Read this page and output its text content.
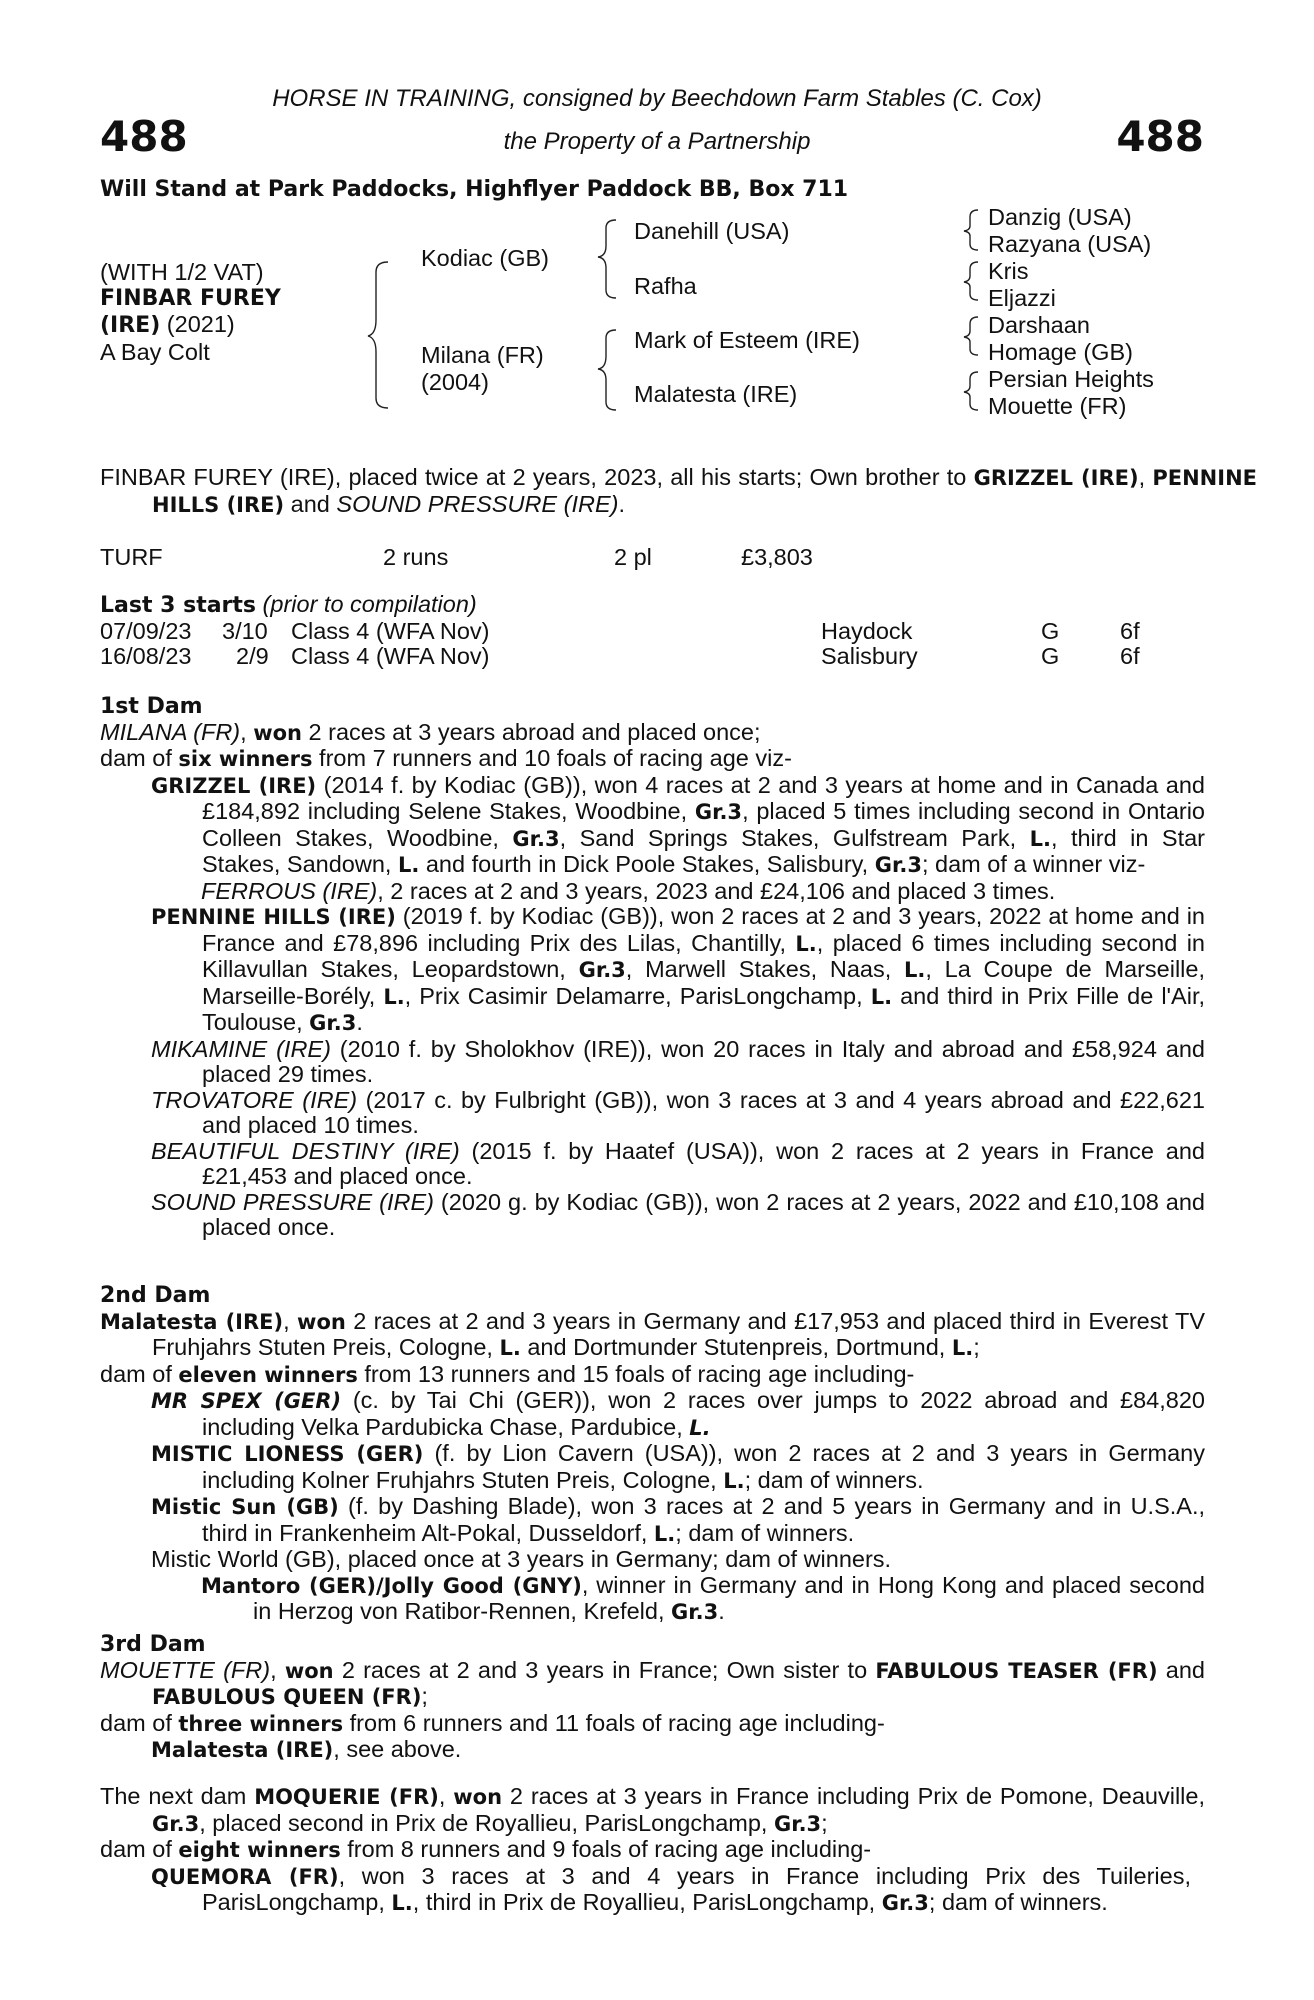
HORSE IN TRAINING, consigned by Beechdown Farm Stables (C. Cox)
the Property of a Partnership
488	488
Will Stand at Park Paddocks, Highflyer Paddock BB, Box 711
(WITH 1/2 VAT)
FINBAR FUREY
(IRE) (2021)
A Bay Colt
Kodiac (GB)
Milana (FR)
(2004)
Danehill (USA)
Rafha
Mark of Esteem (IRE)
Malatesta (IRE)
Danzig (USA)
Razyana (USA)
Kris
Eljazzi
Darshaan
Homage (GB)
Persian Heights
Mouette (FR)
FINBAR FUREY (IRE), placed twice at 2 years, 2023, all his starts; Own brother to GRIZZEL (IRE), PENNINE HILLS (IRE) and SOUND PRESSURE (IRE).
TURF	2 runs	2 pl	£3,803
Last 3 starts (prior to compilation)
07/09/23 3/10 Class 4 (WFA Nov)	Haydock	G	6f
16/08/23 2/9 Class 4 (WFA Nov)	Salisbury	G	6f

1st Dam

MILANA (FR), won 2 races at 3 years abroad and placed once;

dam of six winners from 7 runners and 10 foals of racing age viz-

GRIZZEL (IRE) (2014 f. by Kodiac (GB)), won 4 races at 2 and 3 years at home and in Canada and £184,892 including Selene Stakes, Woodbine, Gr.3, placed 5 times including second in Ontario Colleen Stakes, Woodbine, Gr.3, Sand Springs Stakes, Gulfstream Park, L., third in Star Stakes, Sandown, L. and fourth in Dick Poole Stakes, Salisbury, Gr.3; dam of a winner viz-

FERROUS (IRE), 2 races at 2 and 3 years, 2023 and £24,106 and placed 3 times.

PENNINE HILLS (IRE) (2019 f. by Kodiac (GB)), won 2 races at 2 and 3 years, 2022 at home and in France and £78,896 including Prix des Lilas, Chantilly, L., placed 6 times including second in Killavullan Stakes, Leopardstown, Gr.3, Marwell Stakes, Naas, L., La Coupe de Marseille, Marseille-Borély, L., Prix Casimir Delamarre, ParisLongchamp, L. and third in Prix Fille de l'Air, Toulouse, Gr.3.

MIKAMINE (IRE) (2010 f. by Sholokhov (IRE)), won 20 races in Italy and abroad and £58,924 and placed 29 times.

TROVATORE (IRE) (2017 c. by Fulbright (GB)), won 3 races at 3 and 4 years abroad and £22,621 and placed 10 times.

BEAUTIFUL DESTINY (IRE) (2015 f. by Haatef (USA)), won 2 races at 2 years in France and £21,453 and placed once.

SOUND PRESSURE (IRE) (2020 g. by Kodiac (GB)), won 2 races at 2 years, 2022 and £10,108 and placed once.

2nd Dam

Malatesta (IRE), won 2 races at 2 and 3 years in Germany and £17,953 and placed third in Everest TV Fruhjahrs Stuten Preis, Cologne, L. and Dortmunder Stutenpreis, Dortmund, L.;

dam of eleven winners from 13 runners and 15 foals of racing age including-

MR SPEX (GER) (c. by Tai Chi (GER)), won 2 races over jumps to 2022 abroad and £84,820 including Velka Pardubicka Chase, Pardubice, L.

MISTIC LIONESS (GER) (f. by Lion Cavern (USA)), won 2 races at 2 and 3 years in Germany including Kolner Fruhjahrs Stuten Preis, Cologne, L.; dam of winners.

Mistic Sun (GB) (f. by Dashing Blade), won 3 races at 2 and 5 years in Germany and in U.S.A., third in Frankenheim Alt-Pokal, Dusseldorf, L.; dam of winners.

Mistic World (GB), placed once at 3 years in Germany; dam of winners.

Mantoro (GER)/Jolly Good (GNY), winner in Germany and in Hong Kong and placed second in Herzog von Ratibor-Rennen, Krefeld, Gr.3.

3rd Dam

MOUETTE (FR), won 2 races at 2 and 3 years in France; Own sister to FABULOUS TEASER (FR) and FABULOUS QUEEN (FR);

dam of three winners from 6 runners and 11 foals of racing age including-

Malatesta (IRE), see above.

The next dam MOQUERIE (FR), won 2 races at 3 years in France including Prix de Pomone, Deauville, Gr.3, placed second in Prix de Royallieu, ParisLongchamp, Gr.3;

dam of eight winners from 8 runners and 9 foals of racing age including-

QUEMORA (FR), won 3 races at 3 and 4 years in France including Prix des Tuileries, ParisLongchamp, L., third in Prix de Royallieu, ParisLongchamp, Gr.3; dam of winners.
